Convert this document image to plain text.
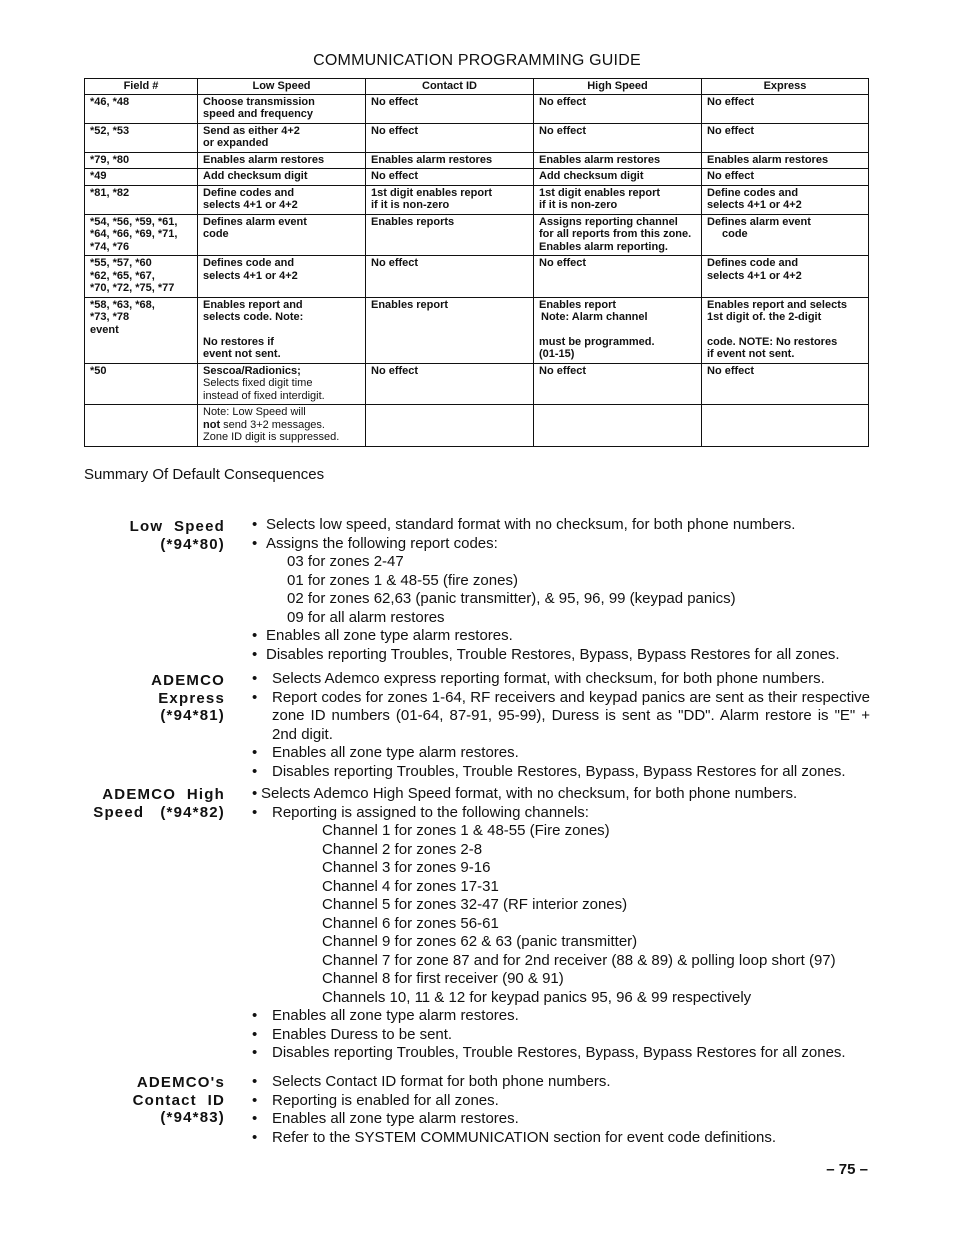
COMMUNICATION PROGRAMMING GUIDE
Field #	Low Speed	Contact ID	High Speed	Express

*46, *48	Choose transmission
speed and frequency	No effect	No effect	No effect

*52, *53	Send as either 4+2
or expanded	No effect	No effect	No effect

*79, *80	Enables alarm restores	Enables alarm restores	Enables alarm restores	Enables alarm restores

*49	Add checksum digit	No effect	Add checksum digit	No effect

*81, *82	Define codes and
selects 4+1 or 4+2	1st digit enables report
if it is non-zero	1st digit enables report
if it is non-zero	Define codes and
selects 4+1 or 4+2

*54, *56, *59, *61,
*64, *66, *69, *71,
*74, *76	Defines alarm event
code	Enables reports	Assigns reporting channel
for all reports from this zone.
Enables alarm reporting.	Defines alarm event
code

*55, *57, *60
*62, *65, *67,
*70, *72, *75, *77	Defines code and
selects 4+1 or 4+2	No effect	No effect	Defines code and
selects 4+1 or 4+2

*58, *63, *68,
*73, *78
event	Enables report and
selects code. Note:
No restores if
event not sent.	Enables report	Enables report
Note: Alarm channel
must be programmed.
(01-15)	Enables report and selects
1st digit of. the 2-digit
code. NOTE: No restores
if event not sent.

*50	Sescoa/Radionics;
Selects fixed digit time
instead of fixed interdigit.	No effect	No effect	No effect

	Note: Low Speed will
not send 3+2 messages.
Zone ID digit is suppressed.			

Summary Of Default Consequences
Low  Speed
(*94*80)
• Selects low speed, standard format with no checksum, for both phone numbers.
• Assigns the following report codes:
03 for zones 2-47
01 for zones 1 & 48-55 (fire zones)
02 for zones 62,63 (panic transmitter), & 95, 96, 99 (keypad panics)
09 for all alarm restores
• Enables all zone type alarm restores.
• Disables reporting Troubles, Trouble Restores, Bypass, Bypass Restores for all zones.
ADEMCO
Express
(*94*81)
• Selects Ademco express reporting format, with checksum, for both phone numbers.
• Report codes for zones 1-64, RF receivers and keypad panics are sent as their respective zone ID numbers (01-64, 87-91, 95-99), Duress is sent as "DD". Alarm restore is "E" + 2nd digit.
• Enables all zone type alarm restores.
• Disables reporting Troubles, Trouble Restores, Bypass, Bypass Restores for all zones.
ADEMCO  High
Speed   (*94*82)
• Selects Ademco High Speed format, with no checksum, for both phone numbers.
• Reporting is assigned to the following channels:
Channel 1 for zones 1 & 48-55 (Fire zones)
Channel 2 for zones 2-8
Channel 3 for zones 9-16
Channel 4 for zones 17-31
Channel 5 for zones 32-47 (RF interior zones)
Channel 6 for zones 56-61
Channel 9 for zones 62 & 63 (panic transmitter)
Channel 7 for zone 87 and for 2nd receiver (88 & 89) & polling loop short (97)
Channel 8 for first receiver (90 & 91)
Channels 10, 11 & 12 for keypad panics 95, 96 & 99 respectively
• Enables all zone type alarm restores.
• Enables Duress to be sent.
• Disables reporting Troubles, Trouble Restores, Bypass, Bypass Restores for all zones.
ADEMCO's
Contact  ID
(*94*83)
• Selects Contact ID format for both phone numbers.
• Reporting is enabled for all zones.
• Enables all zone type alarm restores.
• Refer to the SYSTEM COMMUNICATION section for event code definitions.
– 75 –
